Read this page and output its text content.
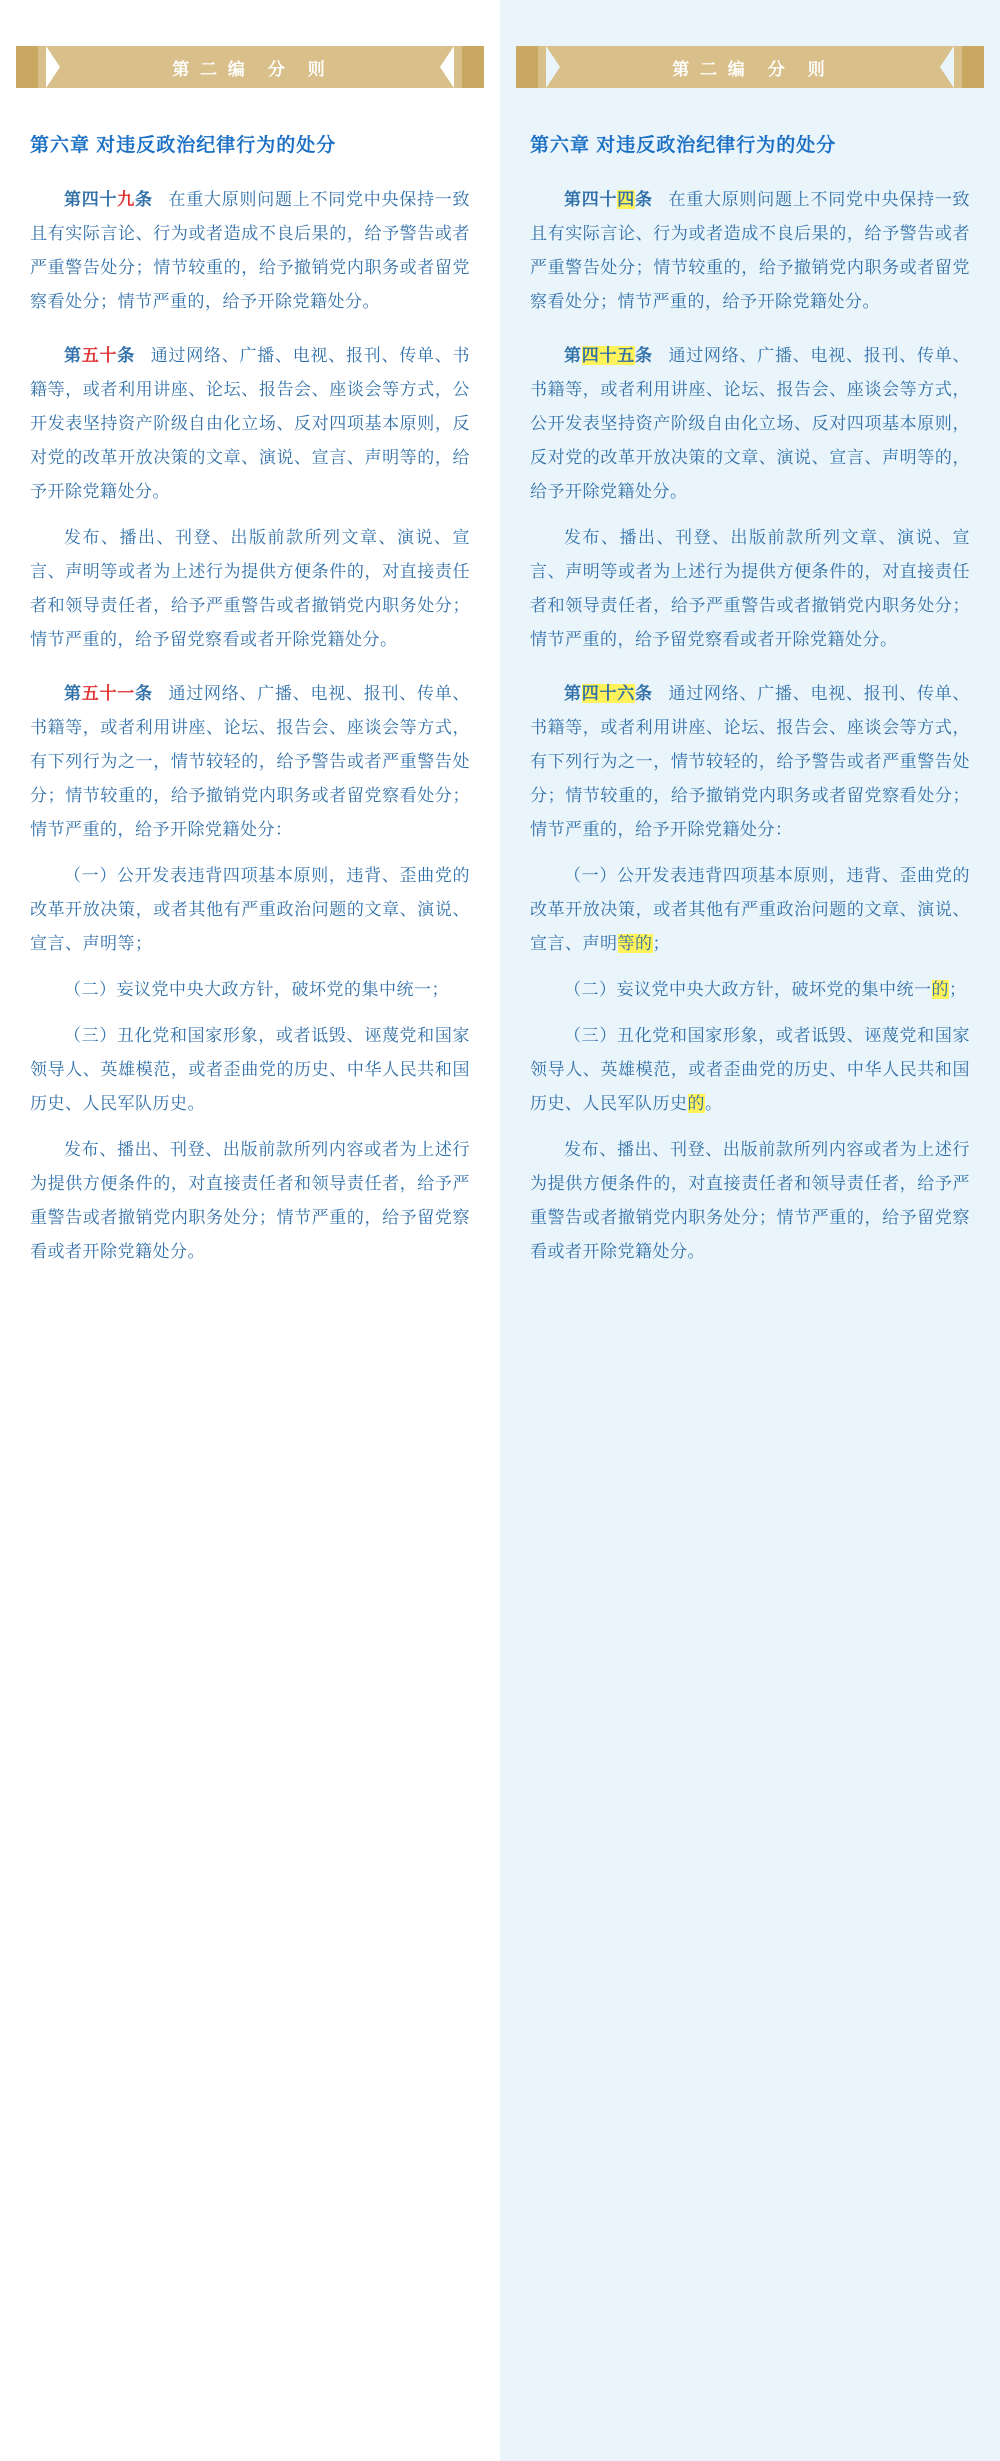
第 二 编　分　则
第六章 对违反政治纪律行为的处分

第四十九条 在重大原则问题上不同党中央保持一致且有实际言论、行为或者造成不良后果的，给予警告或者严重警告处分；情节较重的，给予撤销党内职务或者留党察看处分；情节严重的，给予开除党籍处分。

第五十条 通过网络、广播、电视、报刊、传单、书籍等，或者利用讲座、论坛、报告会、座谈会等方式，公开发表坚持资产阶级自由化立场、反对四项基本原则，反对党的改革开放决策的文章、演说、宣言、声明等的，给予开除党籍处分。

发布、播出、刊登、出版前款所列文章、演说、宣言、声明等或者为上述行为提供方便条件的，对直接责任者和领导责任者，给予严重警告或者撤销党内职务处分；情节严重的，给予留党察看或者开除党籍处分。

第五十一条 通过网络、广播、电视、报刊、传单、书籍等，或者利用讲座、论坛、报告会、座谈会等方式，有下列行为之一，情节较轻的，给予警告或者严重警告处分；情节较重的，给予撤销党内职务或者留党察看处分；情节严重的，给予开除党籍处分：

（一）公开发表违背四项基本原则，违背、歪曲党的改革开放决策，或者其他有严重政治问题的文章、演说、宣言、声明等；

（二）妄议党中央大政方针，破坏党的集中统一；

（三）丑化党和国家形象，或者诋毁、诬蔑党和国家领导人、英雄模范，或者歪曲党的历史、中华人民共和国历史、人民军队历史。

发布、播出、刊登、出版前款所列内容或者为上述行为提供方便条件的，对直接责任者和领导责任者，给予严重警告或者撤销党内职务处分；情节严重的，给予留党察看或者开除党籍处分。

第 二 编　分　则
第六章 对违反政治纪律行为的处分

第四十四条 在重大原则问题上不同党中央保持一致且有实际言论、行为或者造成不良后果的，给予警告或者严重警告处分；情节较重的，给予撤销党内职务或者留党察看处分；情节严重的，给予开除党籍处分。

第四十五条 通过网络、广播、电视、报刊、传单、书籍等，或者利用讲座、论坛、报告会、座谈会等方式，公开发表坚持资产阶级自由化立场、反对四项基本原则，反对党的改革开放决策的文章、演说、宣言、声明等的，给予开除党籍处分。

发布、播出、刊登、出版前款所列文章、演说、宣言、声明等或者为上述行为提供方便条件的，对直接责任者和领导责任者，给予严重警告或者撤销党内职务处分；情节严重的，给予留党察看或者开除党籍处分。

第四十六条 通过网络、广播、电视、报刊、传单、书籍等，或者利用讲座、论坛、报告会、座谈会等方式，有下列行为之一，情节较轻的，给予警告或者严重警告处分；情节较重的，给予撤销党内职务或者留党察看处分；情节严重的，给予开除党籍处分：

（一）公开发表违背四项基本原则，违背、歪曲党的改革开放决策，或者其他有严重政治问题的文章、演说、宣言、声明等的；

（二）妄议党中央大政方针，破坏党的集中统一的；

（三）丑化党和国家形象，或者诋毁、诬蔑党和国家领导人、英雄模范，或者歪曲党的历史、中华人民共和国历史、人民军队历史的。

发布、播出、刊登、出版前款所列内容或者为上述行为提供方便条件的，对直接责任者和领导责任者，给予严重警告或者撤销党内职务处分；情节严重的，给予留党察看或者开除党籍处分。
